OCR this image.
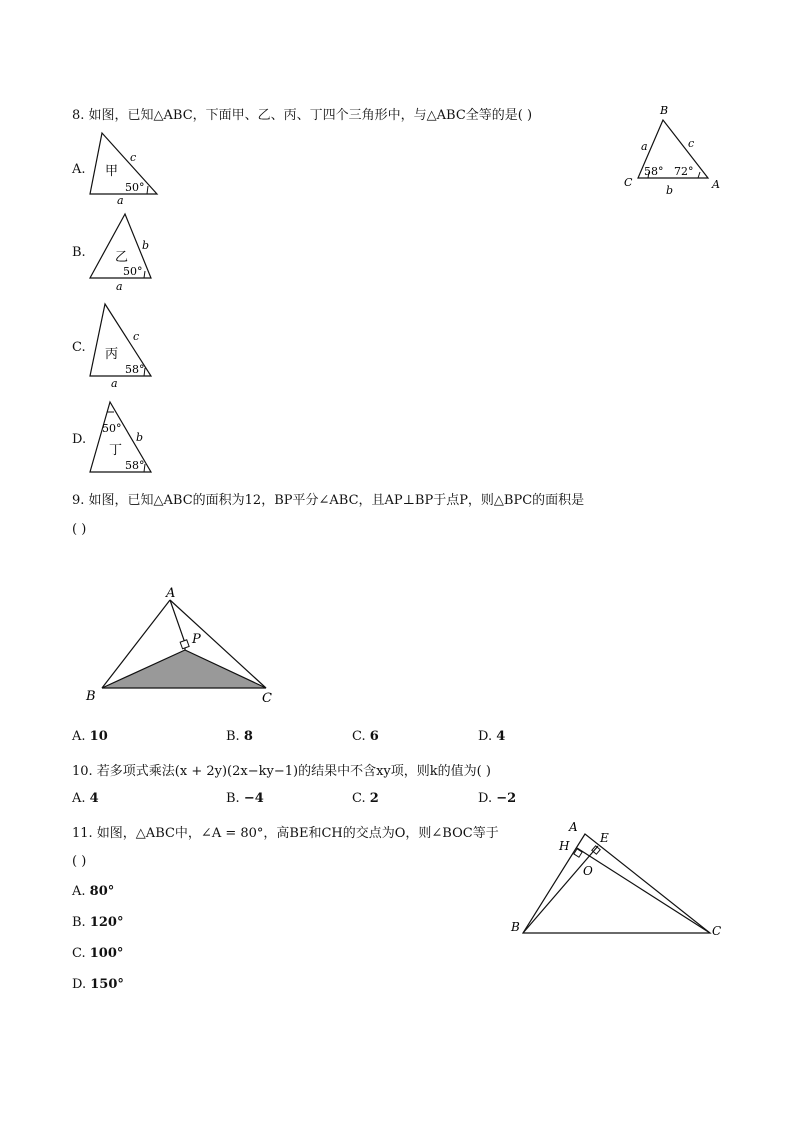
8. 如图，已知△ABC，下面甲、乙、丙、丁四个三角形中，与△ABC全等的是( )	B
C	A
a	c
b
58° 72°
A. 甲
c
a
50°
B. 乙
b
a
50°
C. 丙
c
a
58°
D.
50°
丁
b
58°
9. 如图，已知△ABC的面积为12，BP平分∠ABC，且AP⊥BP于点P，则△BPC的面积是
( )
A
B	C
P
A. 10	B. 8	C. 6	D. 4
10. 若多项式乘法(x + 2y)(2x−ky−1)的结果中不含xy项，则k的值为( )
A. 4	B. −4	C. 2	D. −2
11. 如图，△ABC中，∠A = 80°，高BE和CH的交点为O，则∠BOC等于
( )
A
E
H
O
B	C
A. 80°
B. 120°
C. 100°
D. 150°
